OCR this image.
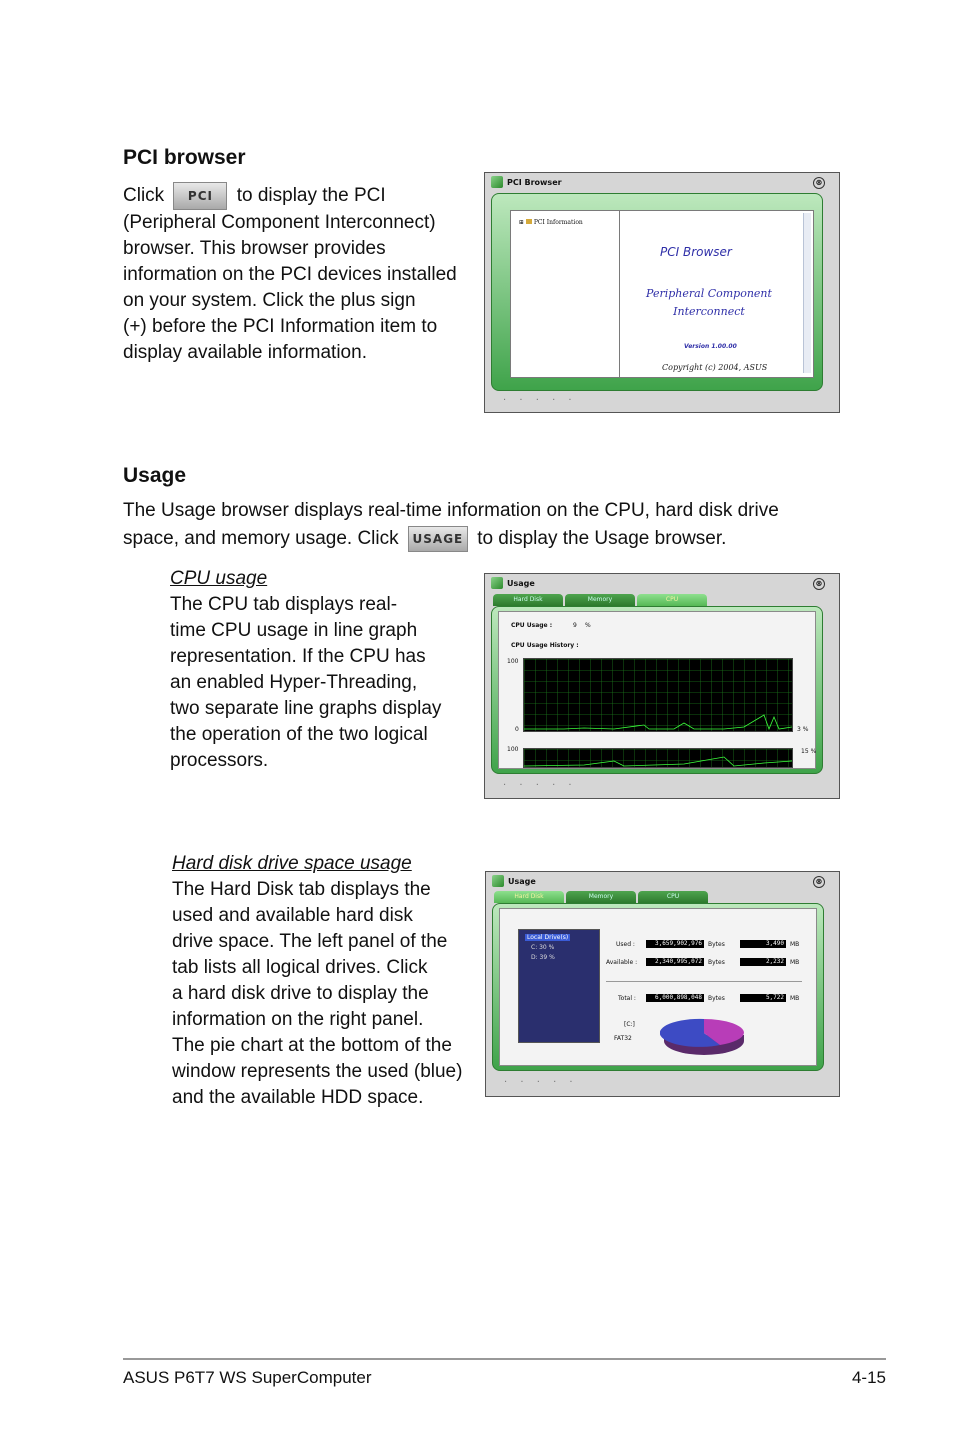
PCI browser
Click PCI to display the PCI
(Peripheral Component Interconnect)
browser. This browser provides
information on the PCI devices installed
on your system. Click the plus sign
(+) before the PCI Information item to
display available information.
PCI Browser	⊗
⊞ PCI Information
PCI Browser
Peripheral Component
Interconnect
Version 1.00.00
Copyright (c) 2004, ASUS
· · · · ·
Usage
The Usage browser displays real-time information on the CPU, hard disk drive
space, and memory usage. Click USAGE to display the Usage browser.
CPU usage
The CPU tab displays real-
time CPU usage in line graph
representation. If the CPU has
an enabled Hyper-Threading,
two separate line graphs display
the operation of the two logical
processors.
Usage	⊗
Hard Disk	Memory	CPU
CPU Usage :	9 %
CPU Usage History :
100
0	3 %
100
· · · · ·
15 %
Hard disk drive space usage
The Hard Disk tab displays the
used and available hard disk
drive space. The left panel of the
tab lists all logical drives. Click
a hard disk drive to display the
information on the right panel.
The pie chart at the bottom of the
window represents the used (blue)
and the available HDD space.
Usage	⊗
Hard Disk	Memory	CPU
Local Drive(s)
C: 30 %
D: 39 %
Used :	3,659,902,976	Bytes	3,490	MB
Available :	2,340,995,072	Bytes	2,232	MB
Total :	6,000,898,048	Bytes	5,722	MB
[C:]
FAT32
· · · · ·
ASUS P6T7 WS SuperComputer	4-15
